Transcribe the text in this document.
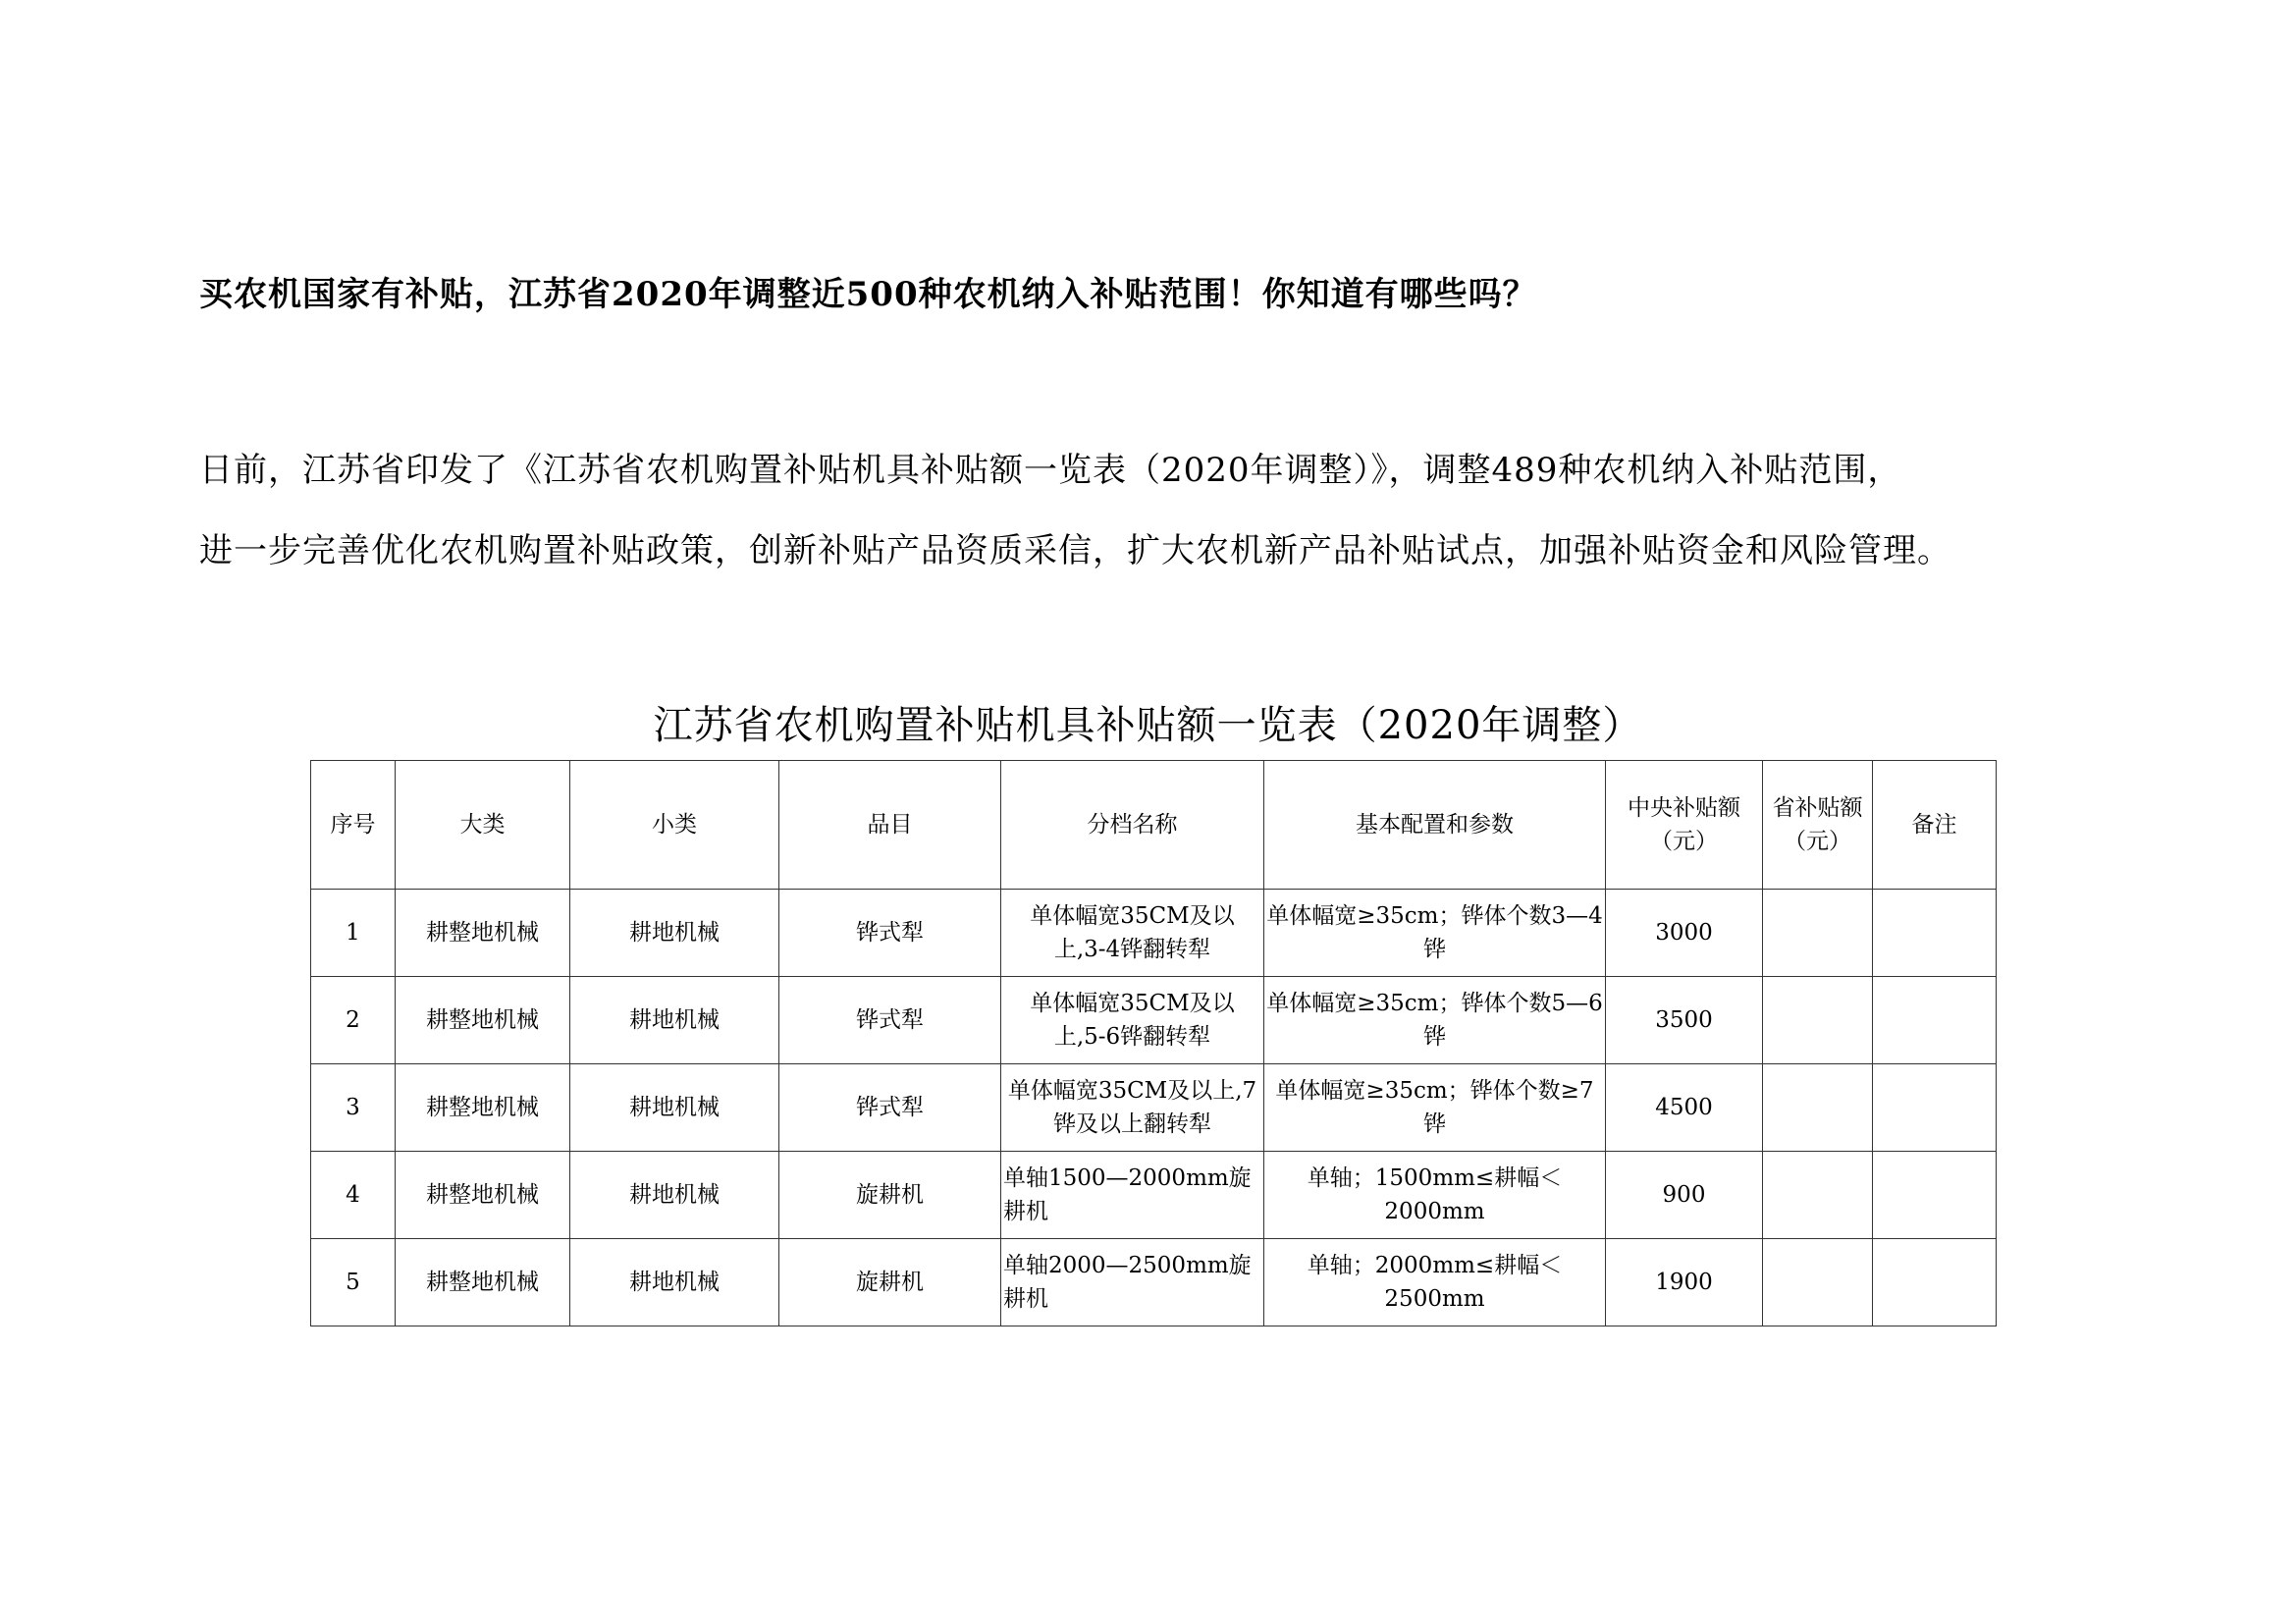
买农机国家有补贴，江苏省2020年调整近500种农机纳入补贴范围！你知道有哪些吗？

日前，江苏省印发了《江苏省农机购置补贴机具补贴额一览表（2020年调整）》，调整489种农机纳入补贴范围，

进一步完善优化农机购置补贴政策，创新补贴产品资质采信，扩大农机新产品补贴试点，加强补贴资金和风险管理。

江苏省农机购置补贴机具补贴额一览表（2020年调整）
序号	大类	小类	品目	分档名称	基本配置和参数	中央补贴额（元）	省补贴额（元）	备注
1	耕整地机械	耕地机械	铧式犁	单体幅宽35CM及以上,3-4铧翻转犁	单体幅宽≥35cm；铧体个数3—4铧	3000		
2	耕整地机械	耕地机械	铧式犁	单体幅宽35CM及以上,5-6铧翻转犁	单体幅宽≥35cm；铧体个数5—6铧	3500		
3	耕整地机械	耕地机械	铧式犁	单体幅宽35CM及以上,7铧及以上翻转犁	单体幅宽≥35cm；铧体个数≥7铧	4500		
4	耕整地机械	耕地机械	旋耕机	单轴1500—2000mm旋耕机	单轴；1500mm≤耕幅＜2000mm	900		
5	耕整地机械	耕地机械	旋耕机	单轴2000—2500mm旋耕机	单轴；2000mm≤耕幅＜2500mm	1900		
